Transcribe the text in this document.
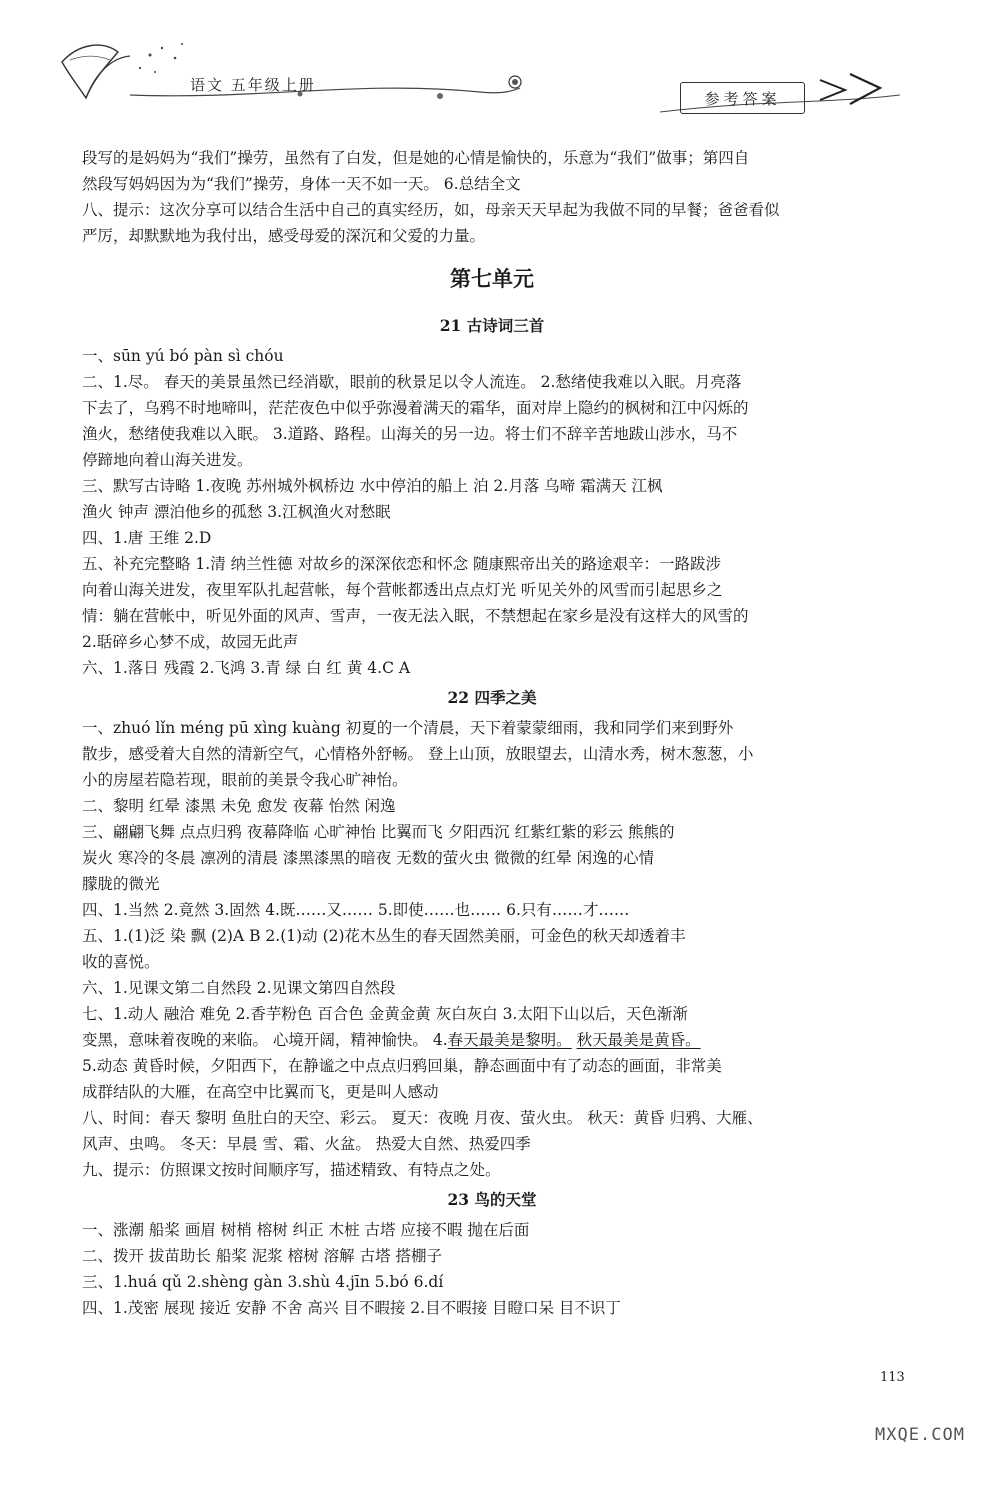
语文 五年级上册
参考答案
段写的是妈妈为“我们”操劳，虽然有了白发，但是她的心情是愉快的，乐意为“我们”做事；第四自
然段写妈妈因为为“我们”操劳，身体一天不如一天。 6.总结全文
八、提示：这次分享可以结合生活中自己的真实经历，如，母亲天天早起为我做不同的早餐；爸爸看似
严厉，却默默地为我付出，感受母爱的深沉和父爱的力量。
第七单元
21 古诗词三首
一、sūn yú bó pàn sì chóu
二、1.尽。 春天的美景虽然已经消歇，眼前的秋景足以令人流连。 2.愁绪使我难以入眠。月亮落
下去了，乌鸦不时地啼叫，茫茫夜色中似乎弥漫着满天的霜华，面对岸上隐约的枫树和江中闪烁的
渔火，愁绪使我难以入眠。 3.道路、路程。山海关的另一边。将士们不辞辛苦地跋山涉水，马不
停蹄地向着山海关进发。
三、默写古诗略 1.夜晚 苏州城外枫桥边 水中停泊的船上 泊 2.月落 乌啼 霜满天 江枫
渔火 钟声 漂泊他乡的孤愁 3.江枫渔火对愁眠
四、1.唐 王维 2.D
五、补充完整略 1.清 纳兰性德 对故乡的深深依恋和怀念 随康熙帝出关的路途艰辛：一路跋涉
向着山海关进发，夜里军队扎起营帐，每个营帐都透出点点灯光 听见关外的风雪而引起思乡之
情：躺在营帐中，听见外面的风声、雪声，一夜无法入眠，不禁想起在家乡是没有这样大的风雪的
2.聒碎乡心梦不成，故园无此声
六、1.落日 残霞 2.飞鸿 3.青 绿 白 红 黄 4.C A
22 四季之美
一、zhuó lǐn méng pū xìng kuàng 初夏的一个清晨，天下着蒙蒙细雨，我和同学们来到野外
散步，感受着大自然的清新空气，心情格外舒畅。 登上山顶，放眼望去，山清水秀，树木葱葱，小
小的房屋若隐若现，眼前的美景令我心旷神怡。
二、黎明 红晕 漆黑 未免 愈发 夜幕 怡然 闲逸
三、翩翩飞舞 点点归鸦 夜幕降临 心旷神怡 比翼而飞 夕阳西沉 红紫红紫的彩云 熊熊的
炭火 寒冷的冬晨 凛冽的清晨 漆黑漆黑的暗夜 无数的萤火虫 微微的红晕 闲逸的心情
朦胧的微光
四、1.当然 2.竟然 3.固然 4.既……又…… 5.即使……也…… 6.只有……才……
五、1.(1)泛 染 飘 (2)A B 2.(1)动 (2)花木丛生的春天固然美丽，可金色的秋天却透着丰
收的喜悦。
六、1.见课文第二自然段 2.见课文第四自然段
七、1.动人 融洽 难免 2.香芋粉色 百合色 金黄金黄 灰白灰白 3.太阳下山以后，天色渐渐
变黑，意味着夜晚的来临。 心境开阔，精神愉快。 4.春天最美是黎明。 秋天最美是黄昏。
5.动态 黄昏时候，夕阳西下，在静谧之中点点归鸦回巢，静态画面中有了动态的画面，非常美
成群结队的大雁，在高空中比翼而飞，更是叫人感动
八、时间：春天 黎明 鱼肚白的天空、彩云。 夏天：夜晚 月夜、萤火虫。 秋天：黄昏 归鸦、大雁、
风声、虫鸣。 冬天：早晨 雪、霜、火盆。 热爱大自然、热爱四季
九、提示：仿照课文按时间顺序写，描述精致、有特点之处。
23 鸟的天堂
一、涨潮 船桨 画眉 树梢 榕树 纠正 木桩 古塔 应接不暇 抛在后面
二、拨开 拔苗助长 船桨 泥浆 榕树 溶解 古塔 搭棚子
三、1.huá qǔ 2.shèng gàn 3.shù 4.jīn 5.bó 6.dí
四、1.茂密 展现 接近 安静 不舍 高兴 目不暇接 2.目不暇接 目瞪口呆 目不识丁
113
MXQE.COM
